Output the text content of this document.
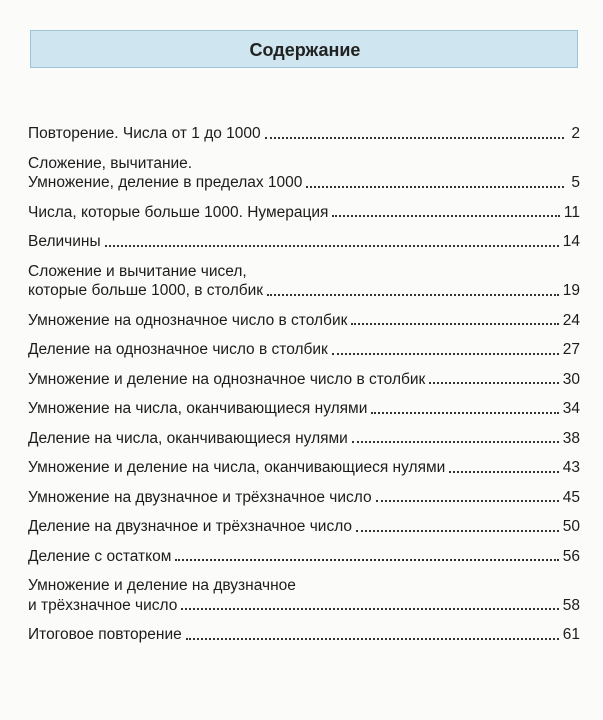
Содержание
Повторение. Числа от 1 до 1000	2
Сложение, вычитание.
Умножение, деление в пределах 1000	5
Числа, которые больше 1000. Нумерация	11
Величины	14
Сложение и вычитание чисел,
которые больше 1000, в столбик	19
Умножение на однозначное число в столбик	24
Деление на однозначное число в столбик	27
Умножение и деление на однозначное число в столбик	30
Умножение на числа, оканчивающиеся нулями	34
Деление на числа, оканчивающиеся нулями	38
Умножение и деление на числа, оканчивающиеся нулями	43
Умножение на двузначное и трёхзначное число	45
Деление на двузначное и трёхзначное число	50
Деление с остатком	56
Умножение и деление на двузначное
и трёхзначное число	58
Итоговое повторение	61
